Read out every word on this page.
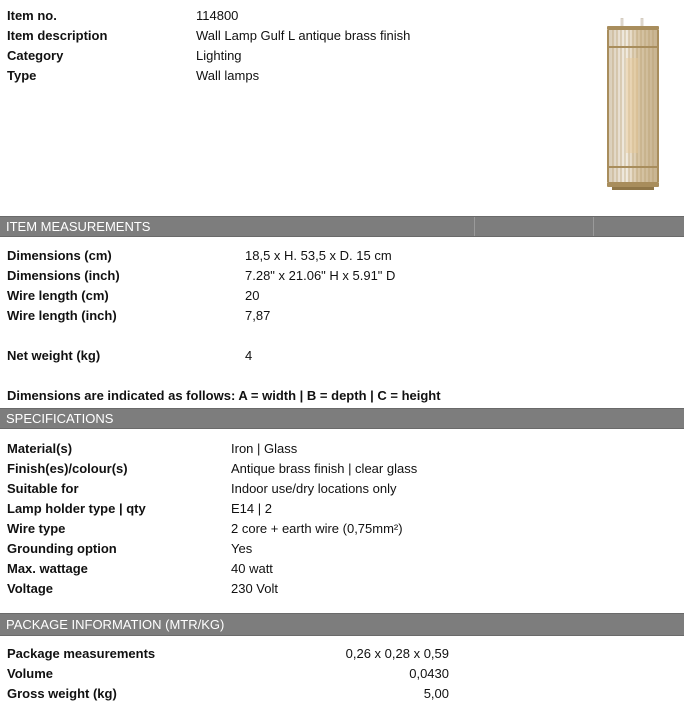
Item no.	114800
Item description	Wall Lamp Gulf L antique brass finish
Category	Lighting
Type	Wall lamps
ITEM MEASUREMENTS
Dimensions (cm)	18,5 x H. 53,5 x D. 15 cm
Dimensions (inch)	7.28" x 21.06" H x 5.91" D
Wire length (cm)	20
Wire length (inch)	7,87
Net weight (kg)	4
Dimensions are indicated as follows: A = width | B = depth | C = height
SPECIFICATIONS
Material(s)	Iron | Glass
Finish(es)/colour(s)	Antique brass finish | clear glass
Suitable for	Indoor use/dry locations only
Lamp holder type | qty	E14 | 2
Wire type	2 core + earth wire (0,75mm²)
Grounding option	Yes
Max. wattage	40 watt
Voltage	230 Volt
PACKAGE INFORMATION (MTR/KG)
Package measurements	0,26 x 0,28 x 0,59
Volume	0,0430
Gross weight (kg)	5,00
